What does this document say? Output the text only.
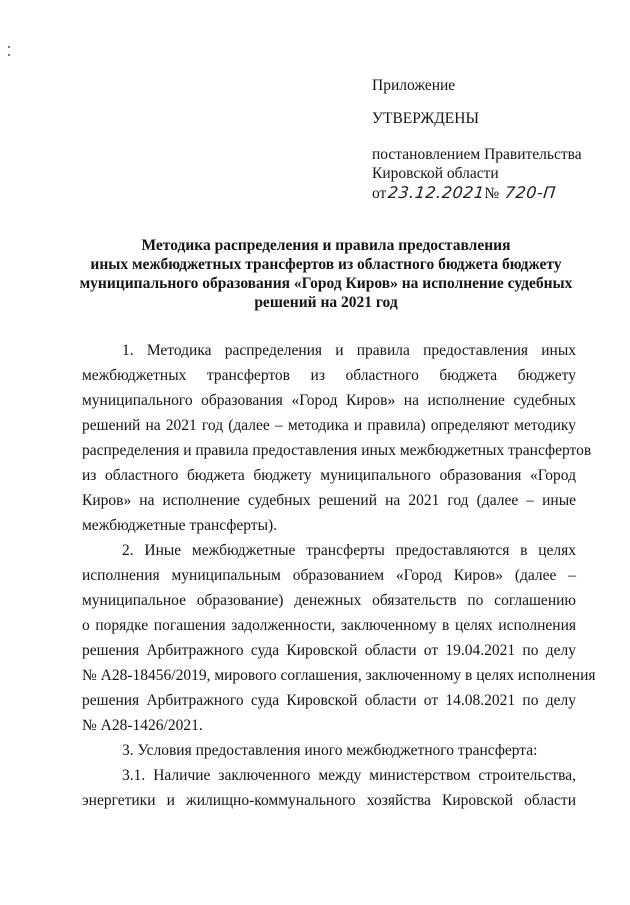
Приложение
УТВЕРЖДЕНЫ
постановлением Правительства
Кировской области
от 23.12.2021
№ 720-П
Методика распределения и правила предоставления
иных межбюджетных трансфертов из областного бюджета бюджету
муниципального образования «Город Киров» на исполнение судебных
решений на 2021 год

1. Методика распределения и правила предоставления иных
межбюджетных трансфертов из областного бюджета бюджету
муниципального образования «Город Киров» на исполнение судебных
решений на 2021 год (далее – методика и правила) определяют методику
распределения и правила предоставления иных межбюджетных трансфертов
из областного бюджета бюджету муниципального образования «Город
Киров» на исполнение судебных решений на 2021 год (далее – иные
межбюджетные трансферты).

2. Иные межбюджетные трансферты предоставляются в целях
исполнения муниципальным образованием «Город Киров» (далее –
муниципальное образование) денежных обязательств по соглашению
о порядке погашения задолженности, заключенному в целях исполнения
решения Арбитражного суда Кировской области от 19.04.2021 по делу
№ А28-18456/2019, мирового соглашения, заключенному в целях исполнения
решения Арбитражного суда Кировской области от 14.08.2021 по делу
№ А28-1426/2021.

3. Условия предоставления иного межбюджетного трансферта:

3.1. Наличие заключенного между министерством строительства,
энергетики и жилищно-коммунального хозяйства Кировской области
